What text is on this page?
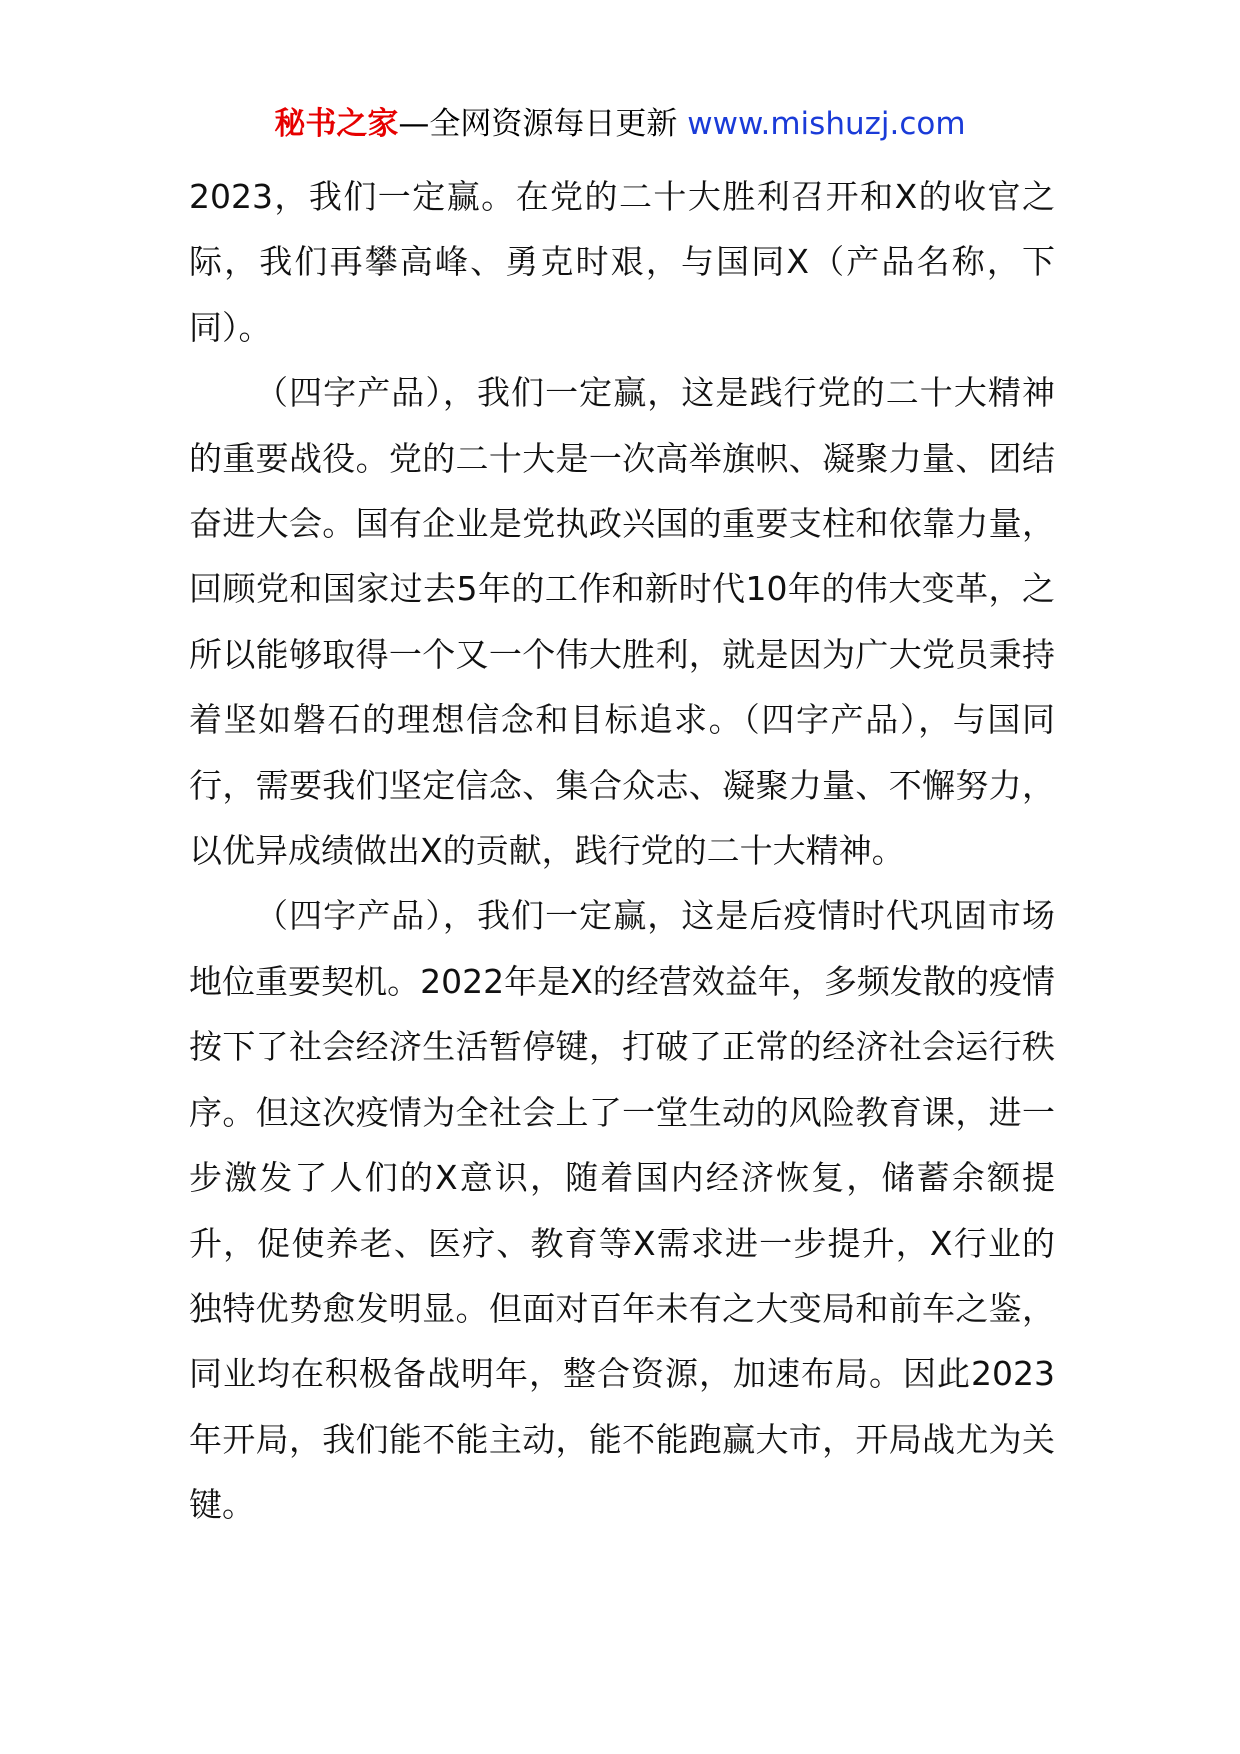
秘书之家—全网资源每日更新 www.mishuzj.com

2023，我们一定赢。在党的二十大胜利召开和X的收官之际，我们再攀高峰、勇克时艰，与国同X（产品名称，下同）。

（四字产品），我们一定赢，这是践行党的二十大精神的重要战役。党的二十大是一次高举旗帜、凝聚力量、团结奋进大会。国有企业是党执政兴国的重要支柱和依靠力量，回顾党和国家过去5年的工作和新时代10年的伟大变革，之所以能够取得一个又一个伟大胜利，就是因为广大党员秉持着坚如磐石的理想信念和目标追求。（四字产品），与国同行，需要我们坚定信念、集合众志、凝聚力量、不懈努力，以优异成绩做出X的贡献，践行党的二十大精神。

（四字产品），我们一定赢，这是后疫情时代巩固市场地位重要契机。2022年是X的经营效益年，多频发散的疫情按下了社会经济生活暂停键，打破了正常的经济社会运行秩序。但这次疫情为全社会上了一堂生动的风险教育课，进一步激发了人们的X意识，随着国内经济恢复，储蓄余额提升，促使养老、医疗、教育等X需求进一步提升，X行业的独特优势愈发明显。但面对百年未有之大变局和前车之鉴，同业均在积极备战明年，整合资源，加速布局。因此2023年开局，我们能不能主动，能不能跑赢大市，开局战尤为关键。
